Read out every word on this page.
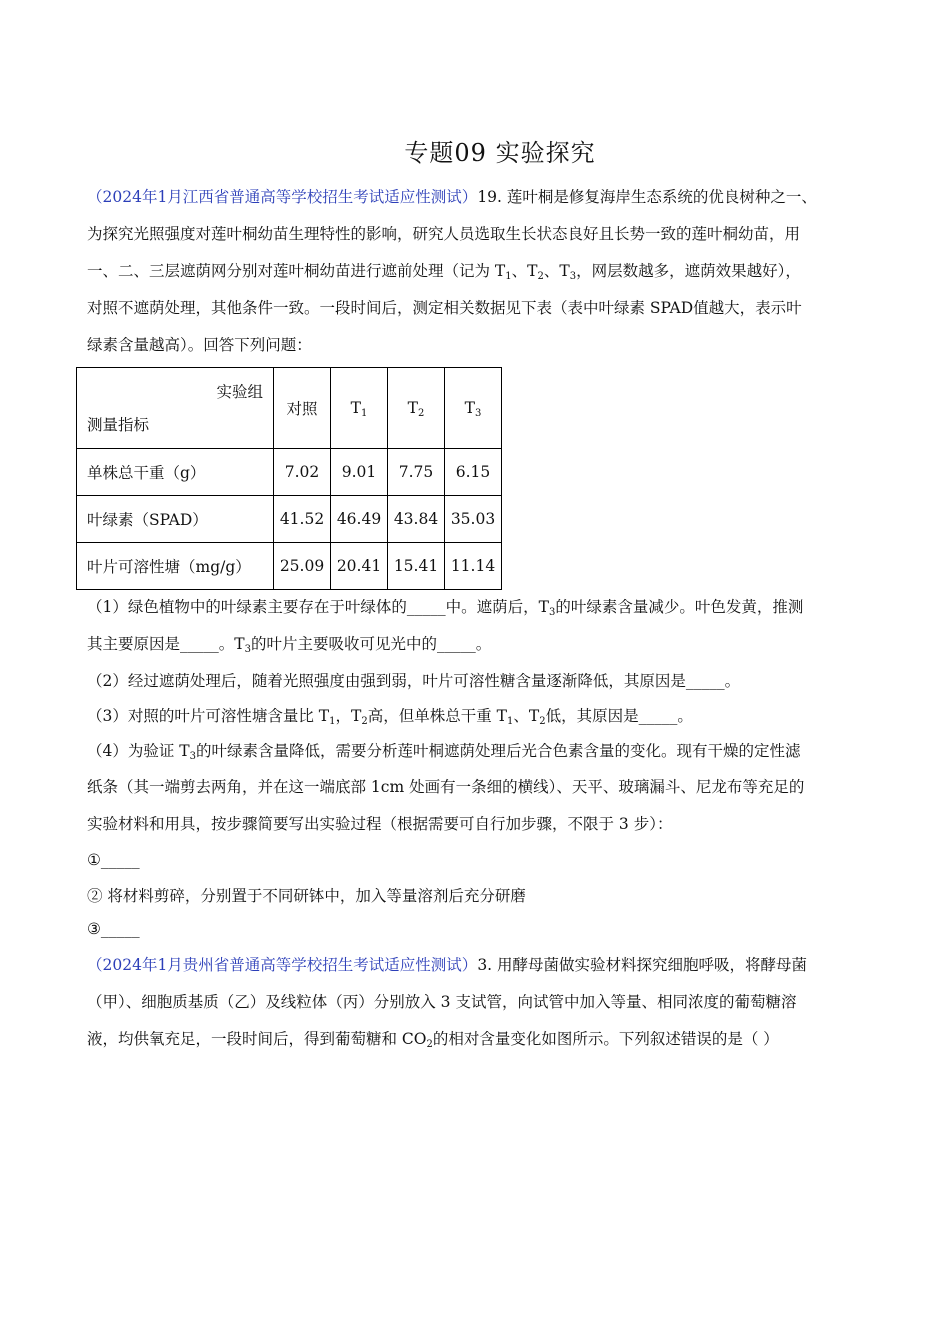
专题09 实验探究
（2024年1月江西省普通高等学校招生考试适应性测试）19. 莲叶桐是修复海岸生态系统的优良树种之一、
为探究光照强度对莲叶桐幼苗生理特性的影响，研究人员选取生长状态良好且长势一致的莲叶桐幼苗，用
一、二、三层遮荫网分别对莲叶桐幼苗进行遮前处理（记为 $T_1$、$T_2$、$T_3$，网层数越多，遮荫效果越好），
对照不遮荫处理，其他条件一致。一段时间后，测定相关数据见下表（表中叶绿素 SPAD值越大，表示叶
绿素含量越高）。回答下列问题：
实验组
测量指标	对照	$T_1$	$T_2$	$T_3$
单株总干重（g）	7.02	9.01	7.75	6.15
叶绿素（SPAD）	41.52	46.49	43.84	35.03
叶片可溶性塘（mg/g）	25.09	20.41	15.41	11.14
（1）绿色植物中的叶绿素主要存在于叶绿体的_____中。遮荫后，$T_3$的叶绿素含量减少。叶色发黄，推测
其主要原因是_____。$T_3$的叶片主要吸收可见光中的_____。
（2）经过遮荫处理后，随着光照强度由强到弱，叶片可溶性糖含量逐渐降低，其原因是_____。
（3）对照的叶片可溶性塘含量比 $T_1$，$T_2$高，但单株总干重 $T_1$、$T_2$低，其原因是_____。
（4）为验证 $T_3$的叶绿素含量降低，需要分析莲叶桐遮荫处理后光合色素含量的变化。现有干燥的定性滤
纸条（其一端剪去两角，并在这一端底部 1cm 处画有一条细的横线）、天平、玻璃漏斗、尼龙布等充足的
实验材料和用具，按步骤简要写出实验过程（根据需要可自行加步骤，不限于 3 步）：
①_____
② 将材料剪碎，分别置于不同研钵中，加入等量溶剂后充分研磨
③_____
（2024年1月贵州省普通高等学校招生考试适应性测试）3. 用酵母菌做实验材料探究细胞呼吸，将酵母菌
（甲）、细胞质基质（乙）及线粒体（丙）分别放入 3 支试管，向试管中加入等量、相同浓度的葡萄糖溶
液，均供氧充足，一段时间后，得到葡萄糖和 $CO_2$的相对含量变化如图所示。下列叙述错误的是（ ）
